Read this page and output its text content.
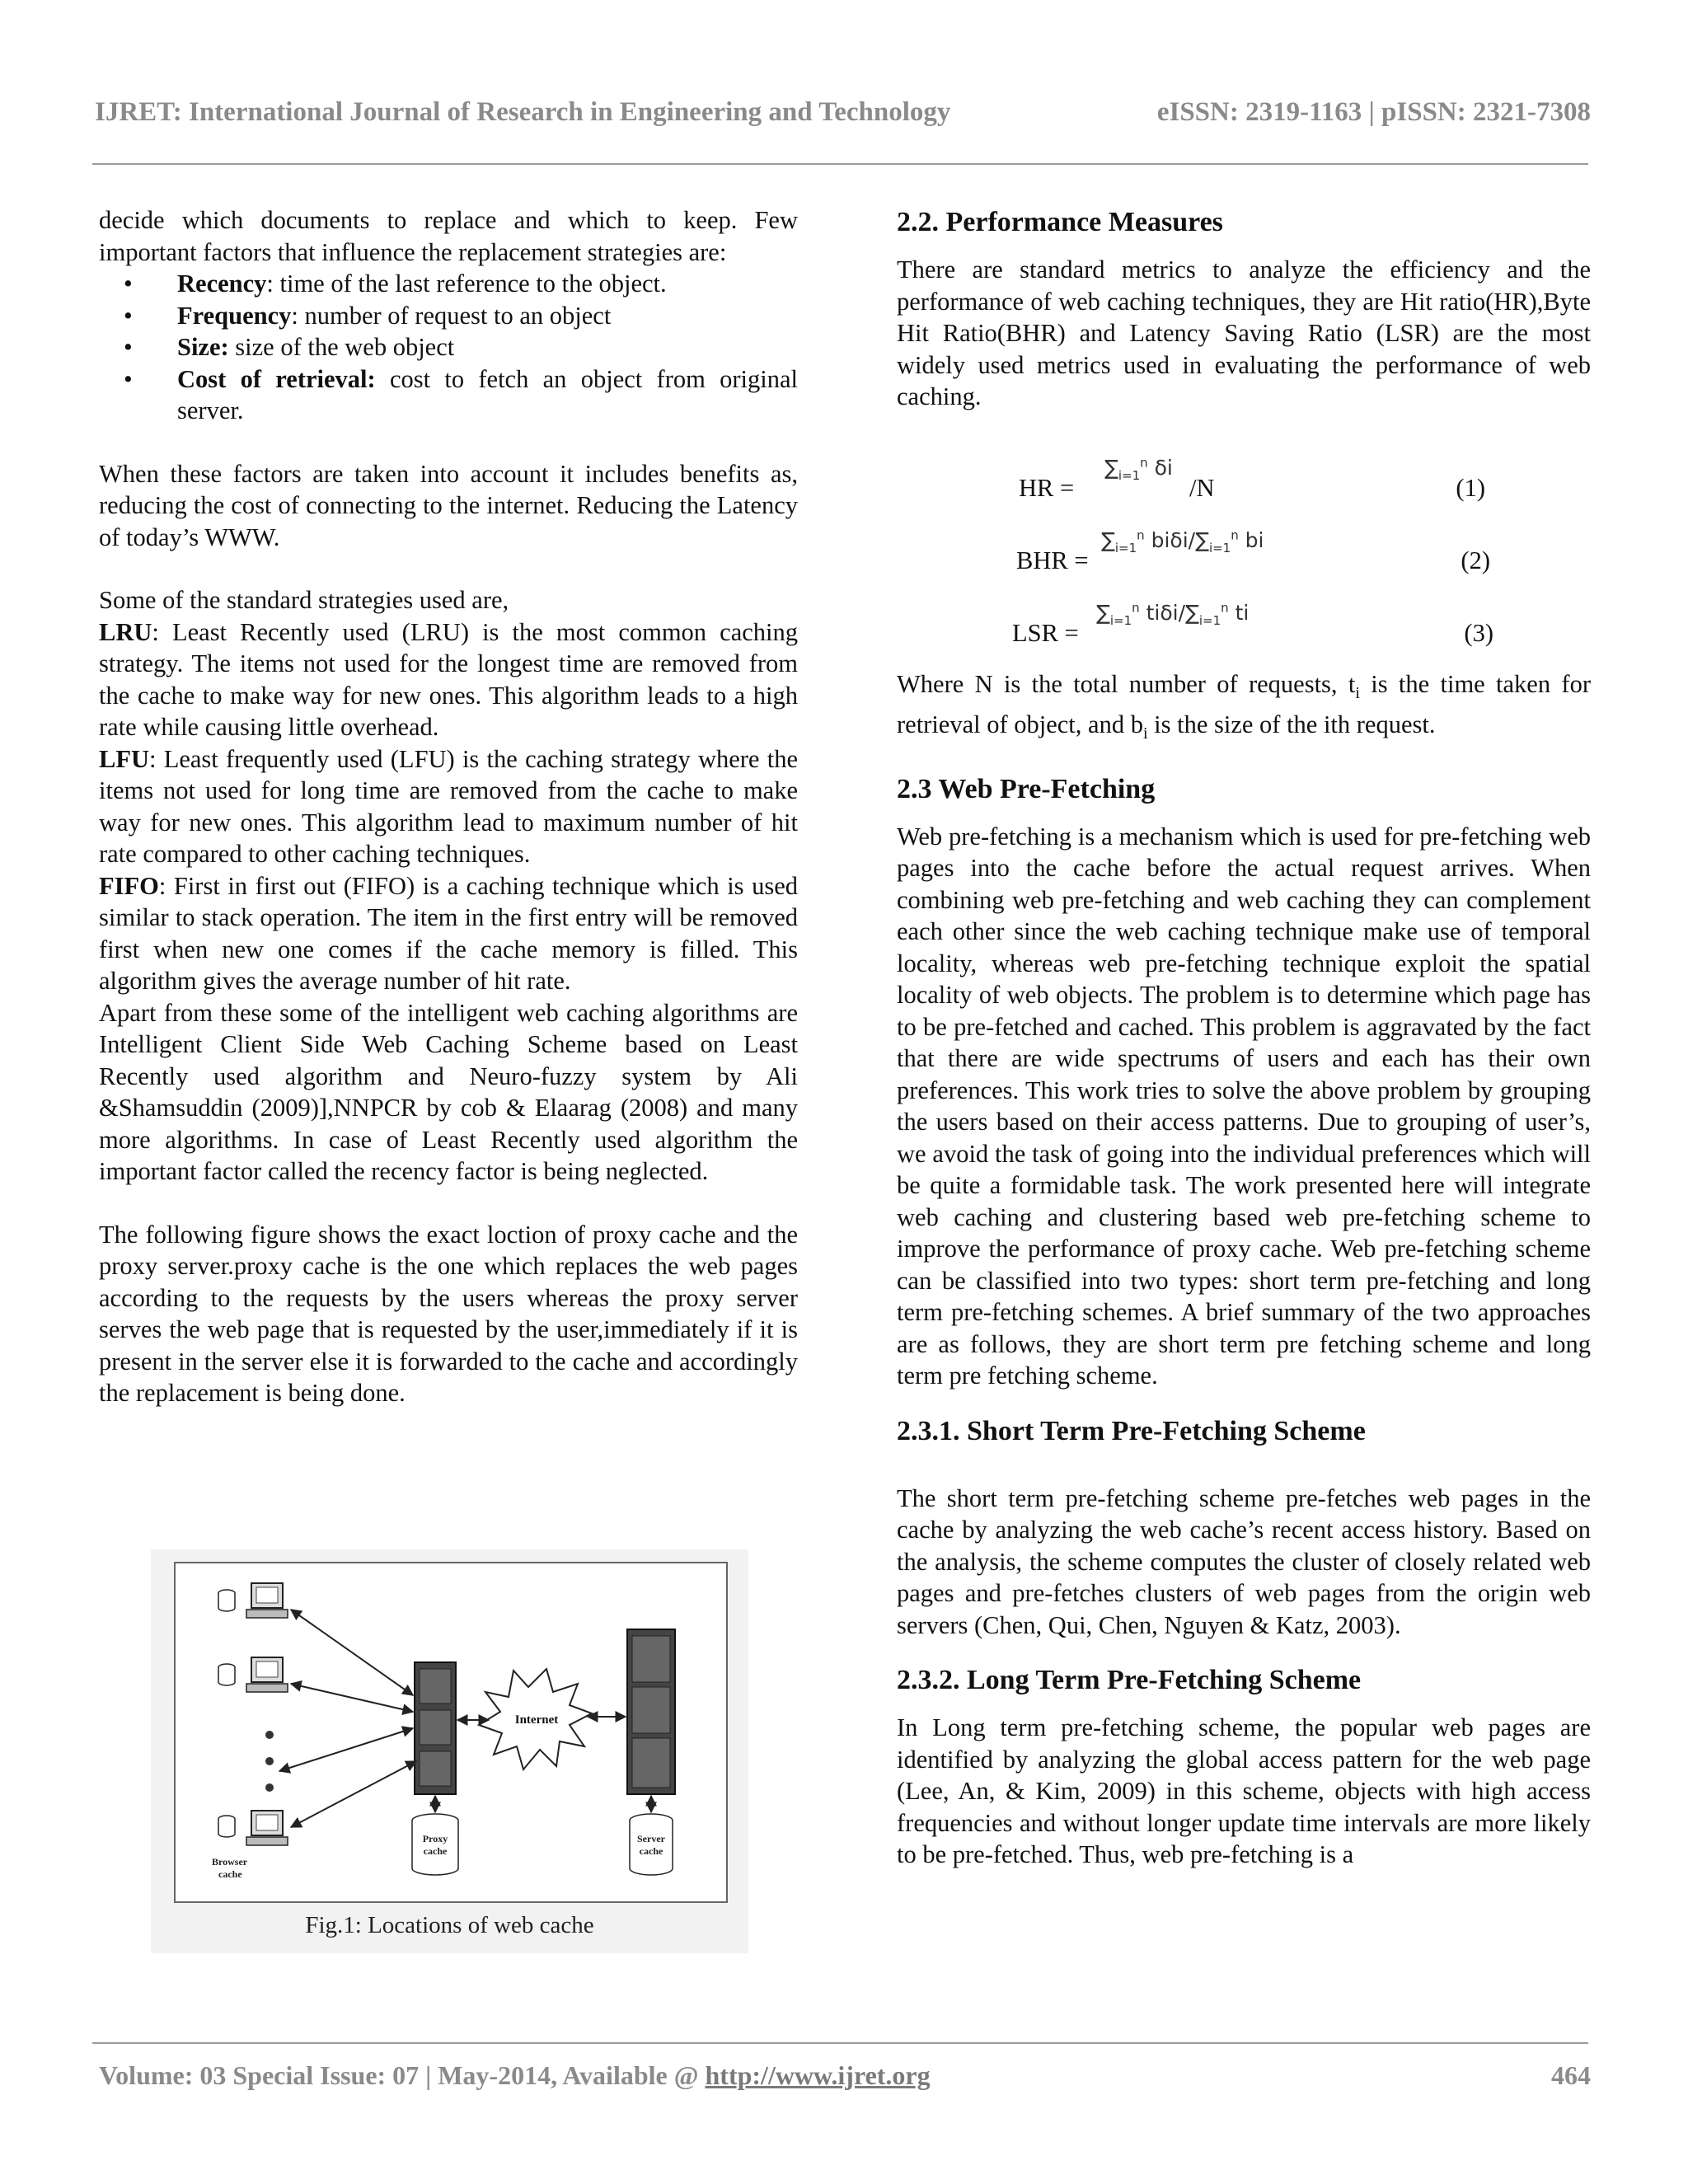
IJRET: International Journal of Research in Engineering and Technology	eISSN: 2319-1163 | pISSN: 2321-7308

decide which documents to replace and which to keep. Few important factors that influence the replacement strategies are:

• Recency: time of the last reference to the object.
• Frequency: number of request to an object
• Size: size of the web object
• Cost of retrieval: cost to fetch an object from original server.

When these factors are taken into account it includes benefits as, reducing the cost of connecting to the internet. Reducing the Latency of today’s WWW.

Some of the standard strategies used are,

LRU: Least Recently used (LRU) is the most common caching strategy. The items not used for the longest time are removed from the cache to make way for new ones. This algorithm leads to a high rate while causing little overhead.

LFU: Least frequently used (LFU) is the caching strategy where the items not used for long time are removed from the cache to make way for new ones. This algorithm lead to maximum number of hit rate compared to other caching techniques.

FIFO: First in first out (FIFO) is a caching technique which is used similar to stack operation. The item in the first entry will be removed first when new one comes if the cache memory is filled. This algorithm gives the average number of hit rate.

Apart from these some of the intelligent web caching algorithms are Intelligent Client Side Web Caching Scheme based on Least Recently used algorithm and Neuro-fuzzy system by Ali &Shamsuddin (2009)],NNPCR by cob & Elaarag (2008) and many more algorithms. In case of Least Recently used algorithm the important factor called the recency factor is being neglected.

The following figure shows the exact loction of proxy cache and the proxy server.proxy cache is the one which replaces the web pages according to the requests by the users whereas the proxy server serves the web page that is requested by the user,immediately if it is present in the server else it is forwarded to the cache and accordingly the replacement is being done.

Browser cache
Proxy cache
Internet
Server cache
Fig.1: Locations of web cache
2.2. Performance Measures

There are standard metrics to analyze the efficiency and the performance of web caching techniques, they are Hit ratio(HR),Byte Hit Ratio(BHR) and Latency Saving Ratio (LSR) are the most widely used metrics used in evaluating the performance of web caching.

HR =
$\sum_{i=1}^n$ δi
/N	(1)
BHR =
$\sum_{i=1}^n$ biδi/$\sum_{i=1}^n$ bi
(2)
LSR =
$\sum_{i=1}^n$ tiδi/$\sum_{i=1}^n$ ti
(3)

Where N is the total number of requests, $t_i$ is the time taken for retrieval of object, and $b_i$ is the size of the ith request.

2.3 Web Pre-Fetching

Web pre-fetching is a mechanism which is used for pre-fetching web pages into the cache before the actual request arrives. When combining web pre-fetching and web caching they can complement each other since the web caching technique make use of temporal locality, whereas web pre-fetching technique exploit the spatial locality of web objects. The problem is to determine which page has to be pre-fetched and cached. This problem is aggravated by the fact that there are wide spectrums of users and each has their own preferences. This work tries to solve the above problem by grouping the users based on their access patterns. Due to grouping of user’s, we avoid the task of going into the individual preferences which will be quite a formidable task. The work presented here will integrate web caching and clustering based web pre-fetching scheme to improve the performance of proxy cache. Web pre-fetching scheme can be classified into two types: short term pre-fetching and long term pre-fetching schemes. A brief summary of the two approaches are as follows, they are short term pre fetching scheme and long term pre fetching scheme.

2.3.1. Short Term Pre-Fetching Scheme

The short term pre-fetching scheme pre-fetches web pages in the cache by analyzing the web cache’s recent access history. Based on the analysis, the scheme computes the cluster of closely related web pages and pre-fetches clusters of web pages from the origin web servers (Chen, Qui, Chen, Nguyen & Katz, 2003).

2.3.2. Long Term Pre-Fetching Scheme

In Long term pre-fetching scheme, the popular web pages are identified by analyzing the global access pattern for the web page (Lee, An, & Kim, 2009) in this scheme, objects with high access frequencies and without longer update time intervals are more likely to be pre-fetched. Thus, web pre-fetching is a

Volume: 03 Special Issue: 07 | May-2014, Available @ http://www.ijret.org	464
